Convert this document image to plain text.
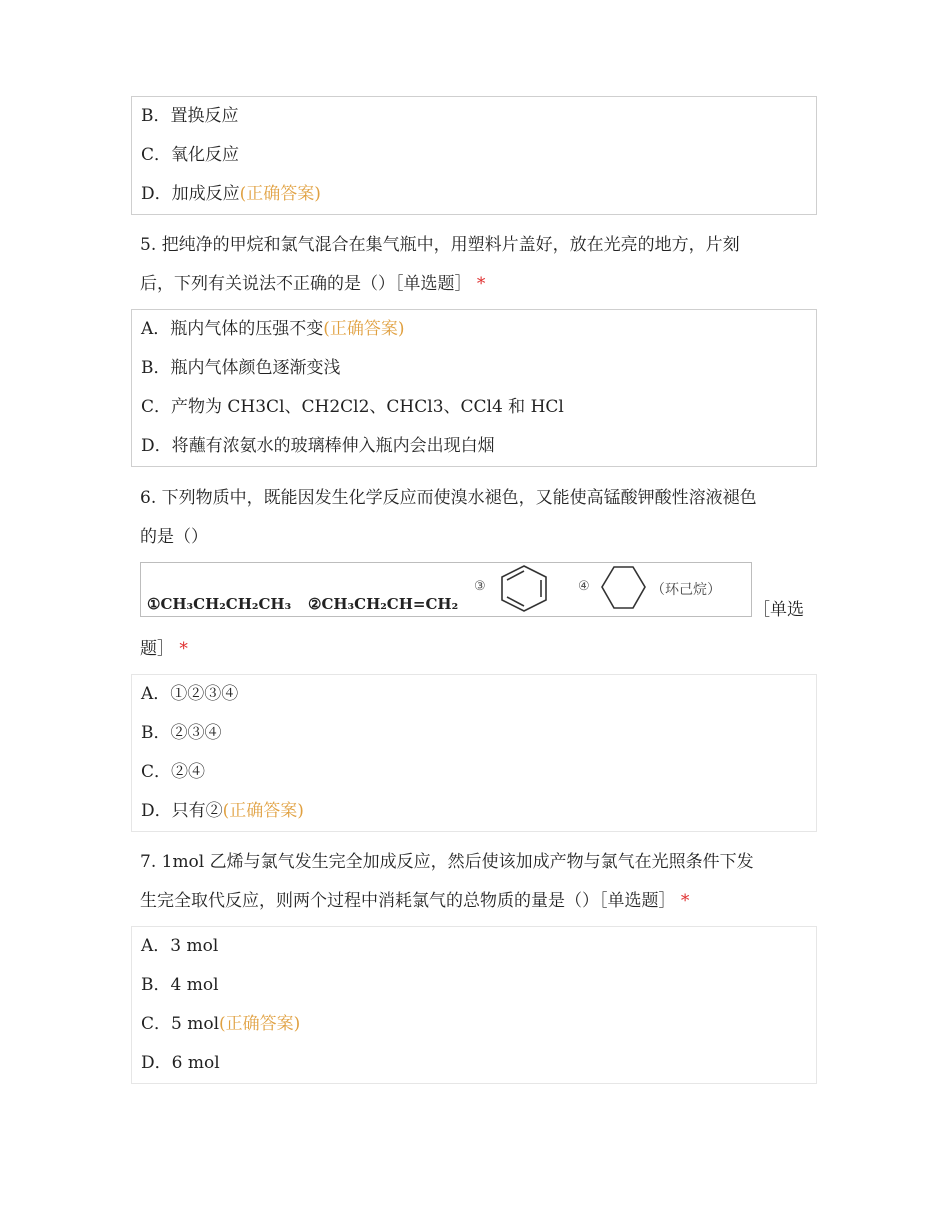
B．置换反应
C．氧化反应
D．加成反应(正确答案)
5. 把纯净的甲烷和氯气混合在集气瓶中，用塑料片盖好，放在光亮的地方，片刻
后，下列有关说法不正确的是（）［单选题］ *
A．瓶内气体的压强不变(正确答案)
B．瓶内气体颜色逐渐变浅
C．产物为 CH3Cl、CH2Cl2、CHCl3、CCl4 和 HCl
D．将蘸有浓氨水的玻璃棒伸入瓶内会出现白烟
6. 下列物质中，既能因发生化学反应而使溴水褪色，又能使高锰酸钾酸性溶液褪色
的是（）
①CH₃CH₂CH₂CH₃ ②CH₃CH₂CH=CH₂
③	④	（环己烷）
［单选
题］ *
A．①②③④
B．②③④
C．②④
D．只有②(正确答案)
7. 1mol 乙烯与氯气发生完全加成反应，然后使该加成产物与氯气在光照条件下发
生完全取代反应，则两个过程中消耗氯气的总物质的量是（）［单选题］ *
A．3 mol
B．4 mol
C．5 mol(正确答案)
D．6 mol
